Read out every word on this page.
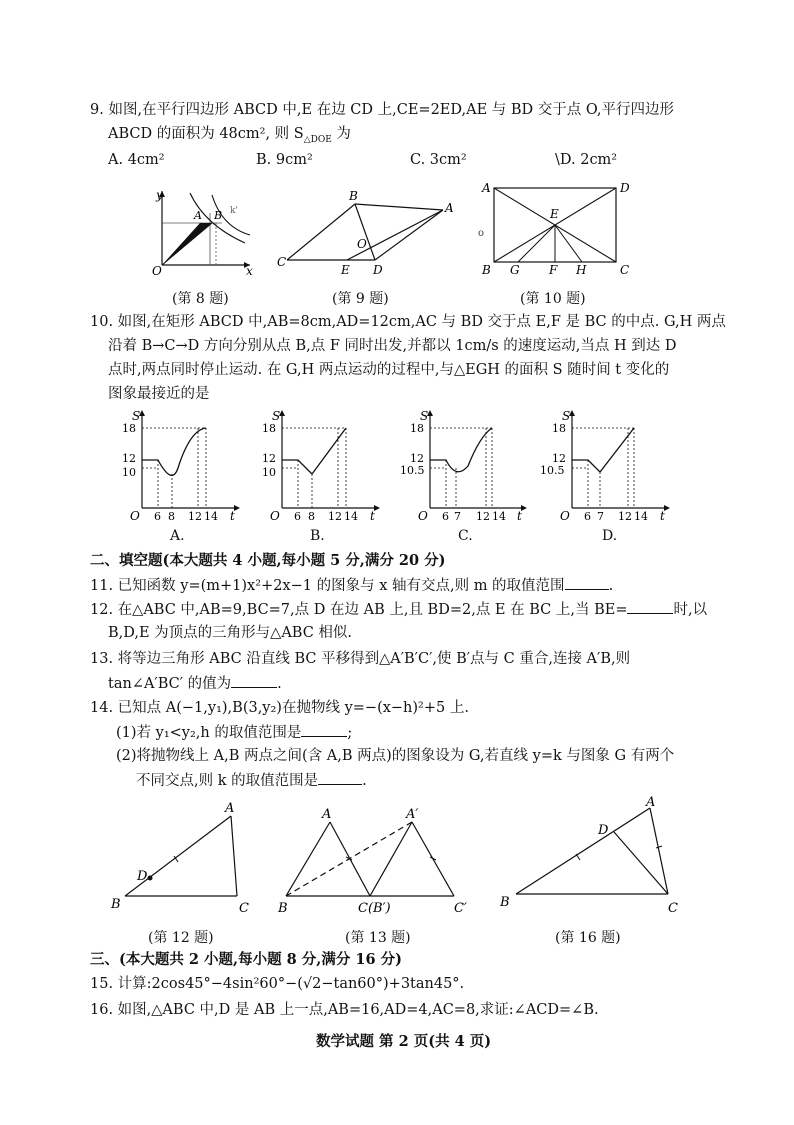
9. 如图,在平行四边形 ABCD 中,E 在边 CD 上,CE=2ED,AE 与 BD 交于点 O,平行四边形
ABCD 的面积为 48cm², 则 $S_{\triangle DOE}$ 为
A. 4cm²	B. 9cm²	C. 3cm²	\D. 2cm²
y
A B k'
O	x
(第 8 题)
B
A
C
E D
O
(第 9 题)
A	D
E
o
B G F H	C
(第 10 题)
10. 如图,在矩形 ABCD 中,AB=8cm,AD=12cm,AC 与 BD 交于点 E,F 是 BC 的中点. G,H 两点
沿着 B→C→D 方向分别从点 B,点 F 同时出发,并都以 1cm/s 的速度运动,当点 H 到达 D
点时,两点同时停止运动. 在 G,H 两点运动的过程中,与△EGH 的面积 S 随时间 t 变化的
图象最接近的是
S
18
12
10
O 6 8 12 14 t
A.
S
18
12
10
O 6 8 12 14 t
B.
S
18
12
10.5
O 6 7 12 14 t
C.
S
18
12
10.5
O 6 7 12 14 t
D.
二、填空题(本大题共 4 小题,每小题 5 分,满分 20 分)
11. 已知函数 y=(m+1)x²+2x−1 的图象与 x 轴有交点,则 m 的取值范围	.
12. 在△ABC 中,AB=9,BC=7,点 D 在边 AB 上,且 BD=2,点 E 在 BC 上,当 BE=	时,以
B,D,E 为顶点的三角形与△ABC 相似.
13. 将等边三角形 ABC 沿直线 BC 平移得到△A′B′C′,使 B′点与 C 重合,连接 A′B,则
tan∠A′BC′ 的值为	.
14. 已知点 A(−1,y₁),B(3,y₂)在抛物线 y=−(x−h)²+5 上.
(1)若 y₁<y₂,h 的取值范围是	;
(2)将抛物线上 A,B 两点之间(含 A,B 两点)的图象设为 G,若直线 y=k 与图象 G 有两个
不同交点,则 k 的取值范围是	.
A
D
B	C
(第 12 题)
A	A′
B	C(B′)	C′
(第 13 题)
A
D
B	C
(第 16 题)
三、(本大题共 2 小题,每小题 8 分,满分 16 分)
15. 计算:2cos45°−4sin²60°−(√2−tan60°)+3tan45°.
16. 如图,△ABC 中,D 是 AB 上一点,AB=16,AD=4,AC=8,求证:∠ACD=∠B.
数学试题 第 2 页(共 4 页)
